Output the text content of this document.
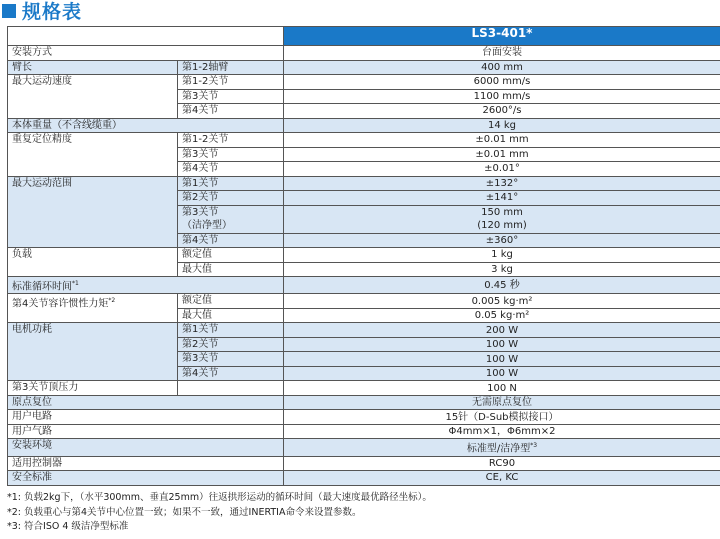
规格表
		LS3-401*
安装方式		台面安装
臂长	第1-2轴臂	400 mm
最大运动速度	第1-2关节	6000 mm/s
	第3关节	1100 mm/s
	第4关节	2600°/s
本体重量（不含线缆重）		14 kg
重复定位精度	第1-2关节	±0.01 mm
	第3关节	±0.01 mm
	第4关节	±0.01°
最大运动范围	第1关节	±132°
	第2关节	±141°
	第3关节	150 mm
	（洁净型）	(120 mm)
	第4关节	±360°
负载	额定值	1 kg
	最大值	3 kg
标准循环时间$^{*1}$		0.45 秒
第4关节容许惯性力矩$^{*2}$	额定值	0.005 kg·m²
	最大值	0.05 kg·m²
电机功耗	第1关节	200 W
	第2关节	100 W
	第3关节	100 W
	第4关节	100 W
第3关节顶压力		100 N
原点复位		无需原点复位
用户电路		15针（D-Sub模拟接口）
用户气路		Φ4mm×1，Φ6mm×2
安装环境		标准型/洁净型$^{*3}$
适用控制器		RC90
安全标准		CE, KC
*1: 负载2kg下，（水平300mm、垂直25mm）往返拱形运动的循环时间（最大速度最优路径坐标）。
*2: 负载重心与第4关节中心位置一致；如果不一致，通过INERTIA命令来设置参数。
*3: 符合ISO 4 级洁净型标准
